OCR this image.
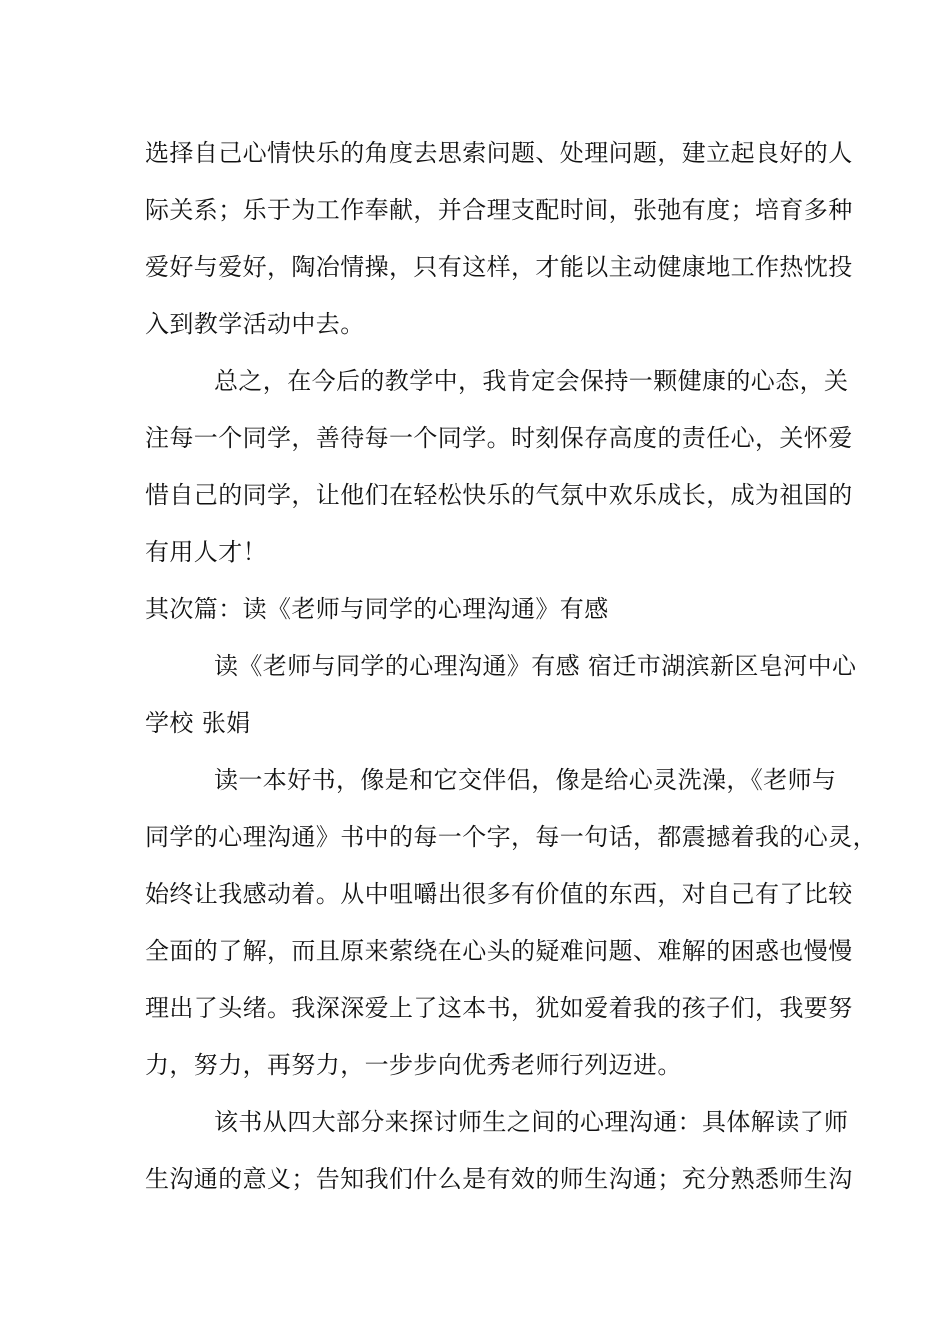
选择自己心情快乐的角度去思索问题、处理问题，建立起良好的人
际关系；乐于为工作奉献，并合理支配时间，张弛有度；培育多种
爱好与爱好，陶冶情操，只有这样，才能以主动健康地工作热忱投
入到教学活动中去。
总之，在今后的教学中，我肯定会保持一颗健康的心态，关
注每一个同学，善待每一个同学。时刻保存高度的责任心，关怀爱
惜自己的同学，让他们在轻松快乐的气氛中欢乐成长，成为祖国的
有用人才！
其次篇：读《老师与同学的心理沟通》有感
读《老师与同学的心理沟通》有感 宿迁市湖滨新区皂河中心
学校 张娟
读一本好书，像是和它交伴侣，像是给心灵洗澡，《老师与
同学的心理沟通》书中的每一个字，每一句话，都震撼着我的心灵，
始终让我感动着。从中咀嚼出很多有价值的东西，对自己有了比较
全面的了解，而且原来萦绕在心头的疑难问题、难解的困惑也慢慢
理出了头绪。我深深爱上了这本书，犹如爱着我的孩子们，我要努
力，努力，再努力，一步步向优秀老师行列迈进。
该书从四大部分来探讨师生之间的心理沟通：具体解读了师
生沟通的意义；告知我们什么是有效的师生沟通；充分熟悉师生沟
